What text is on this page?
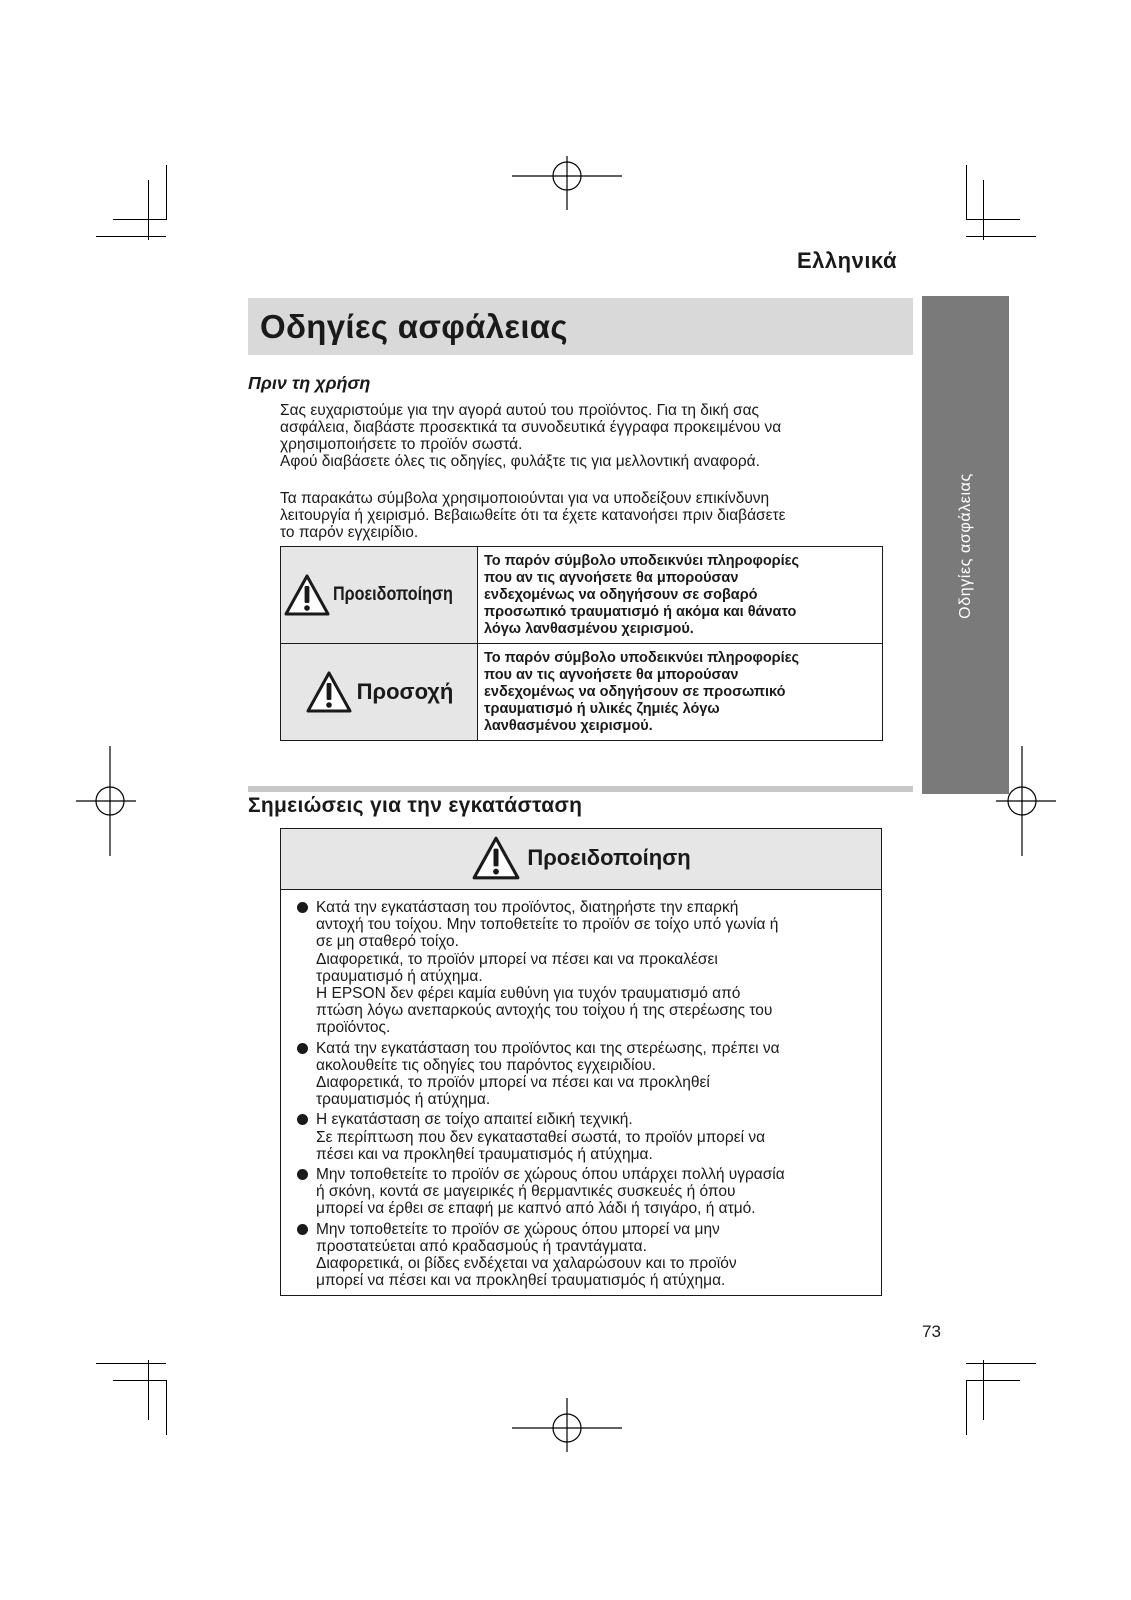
Ελληνικά
Οδηγίες ασφάλειας
Οδηγίες ασφάλειας
Πριν τη χρήση
Σας ευχαριστούμε για την αγορά αυτού του προϊόντος. Για τη δική σας
ασφάλεια, διαβάστε προσεκτικά τα συνοδευτικά έγγραφα προκειμένου να
χρησιμοποιήσετε το προϊόν σωστά.
Αφού διαβάσετε όλες τις οδηγίες, φυλάξτε τις για μελλοντική αναφορά.
Τα παρακάτω σύμβολα χρησιμοποιούνται για να υποδείξουν επικίνδυνη
λειτουργία ή χειρισμό. Βεβαιωθείτε ότι τα έχετε κατανοήσει πριν διαβάσετε
το παρόν εγχειρίδιο.
Προειδοποίηση	Το παρόν σύμβολο υποδεικνύει πληροφορίες
που αν τις αγνοήσετε θα μπορούσαν
ενδεχομένως να οδηγήσουν σε σοβαρό
προσωπικό τραυματισμό ή ακόμα και θάνατο
λόγω λανθασμένου χειρισμού.

Προσοχή	Το παρόν σύμβολο υποδεικνύει πληροφορίες
που αν τις αγνοήσετε θα μπορούσαν
ενδεχομένως να οδηγήσουν σε προσωπικό
τραυματισμό ή υλικές ζημιές λόγω
λανθασμένου χειρισμού.
Σημειώσεις για την εγκατάσταση
Προειδοποίηση
Κατά την εγκατάσταση του προϊόντος, διατηρήστε την επαρκή
αντοχή του τοίχου. Μην τοποθετείτε το προϊόν σε τοίχο υπό γωνία ή
σε μη σταθερό τοίχο.
Διαφορετικά, το προϊόν μπορεί να πέσει και να προκαλέσει
τραυματισμό ή ατύχημα.
Η EPSON δεν φέρει καμία ευθύνη για τυχόν τραυματισμό από
πτώση λόγω ανεπαρκούς αντοχής του τοίχου ή της στερέωσης του
προϊόντος.
Κατά την εγκατάσταση του προϊόντος και της στερέωσης, πρέπει να
ακολουθείτε τις οδηγίες του παρόντος εγχειριδίου.
Διαφορετικά, το προϊόν μπορεί να πέσει και να προκληθεί
τραυματισμός ή ατύχημα.
Η εγκατάσταση σε τοίχο απαιτεί ειδική τεχνική.
Σε περίπτωση που δεν εγκατασταθεί σωστά, το προϊόν μπορεί να
πέσει και να προκληθεί τραυματισμός ή ατύχημα.
Μην τοποθετείτε το προϊόν σε χώρους όπου υπάρχει πολλή υγρασία
ή σκόνη, κοντά σε μαγειρικές ή θερμαντικές συσκευές ή όπου
μπορεί να έρθει σε επαφή με καπνό από λάδι ή τσιγάρο, ή ατμό.
Μην τοποθετείτε το προϊόν σε χώρους όπου μπορεί να μην
προστατεύεται από κραδασμούς ή τραντάγματα.
Διαφορετικά, οι βίδες ενδέχεται να χαλαρώσουν και το προϊόν
μπορεί να πέσει και να προκληθεί τραυματισμός ή ατύχημα.
73
